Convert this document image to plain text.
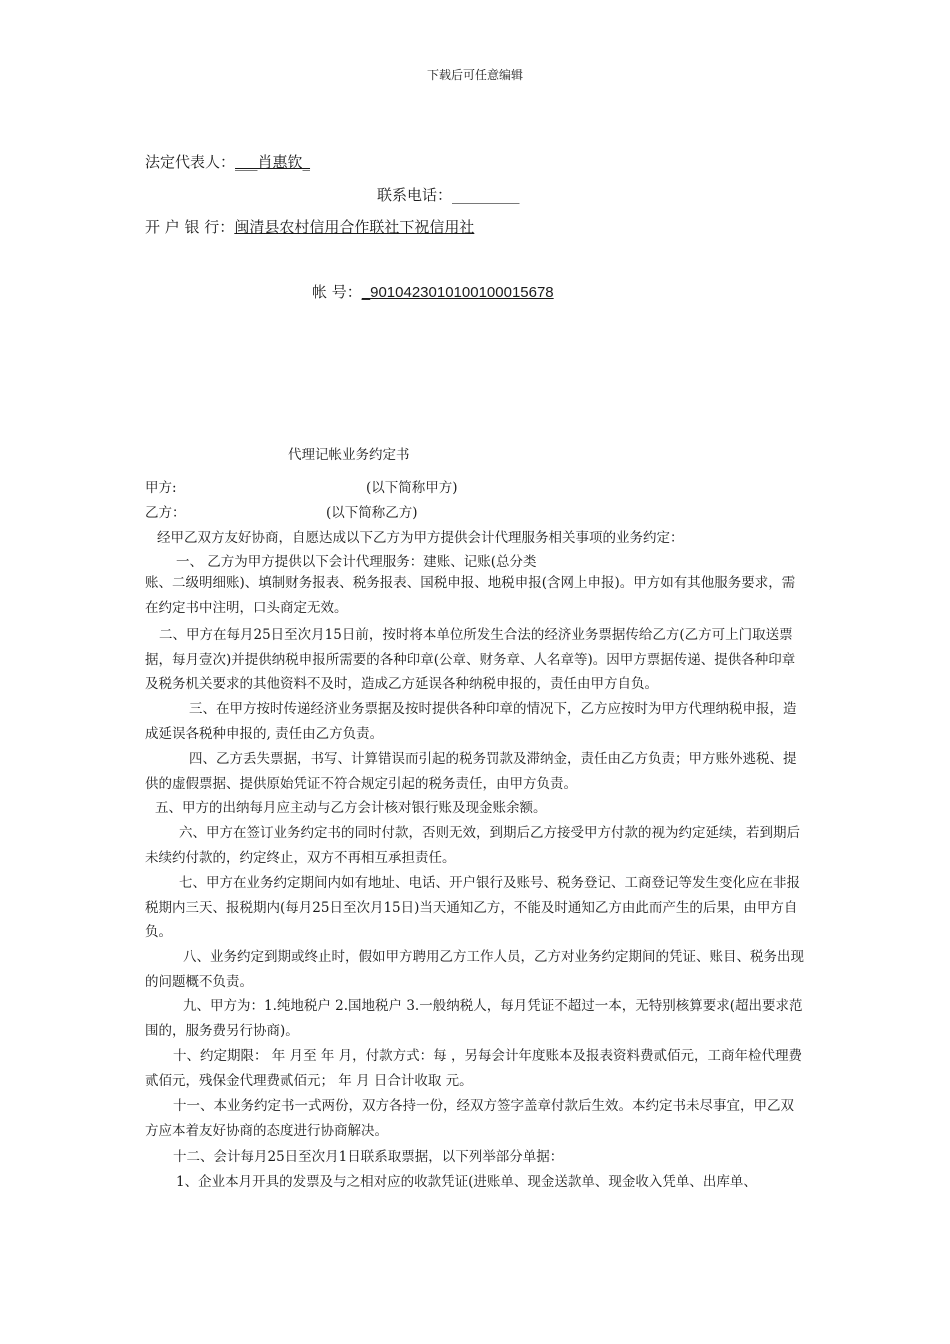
下载后可任意编辑
法定代表人：___肖惠钦_
联系电话：_________
开 户 银 行：闽清县农村信用合作联社下祝信用社
帐 号：_9010423010100100015678
代理记帐业务约定书
甲方:	(以下简称甲方)
乙方：	(以下简称乙方)
经甲乙双方友好协商，自愿达成以下乙方为甲方提供会计代理服务相关事项的业务约定：
一、 乙方为甲方提供以下会计代理服务：建账、记账(总分类
账、二级明细账)、填制财务报表、税务报表、国税申报、地税申报(含网上申报)。甲方如有其他服务要求，需在约定书中注明，口头商定无效。
二、甲方在每月25日至次月15日前，按时将本单位所发生合法的经济业务票据传给乙方(乙方可上门取送票据，每月壹次)并提供纳税申报所需要的各种印章(公章、财务章、人名章等)。因甲方票据传递、提供各种印章及税务机关要求的其他资料不及时，造成乙方延误各种纳税申报的，责任由甲方自负。
三、在甲方按时传递经济业务票据及按时提供各种印章的情况下，乙方应按时为甲方代理纳税申报，造成延误各税种申报的, 责任由乙方负责。
四、乙方丢失票据，书写、计算错误而引起的税务罚款及滞纳金，责任由乙方负责；甲方账外逃税、提供的虚假票据、提供原始凭证不符合规定引起的税务责任，由甲方负责。
五、甲方的出纳每月应主动与乙方会计核对银行账及现金账余额。
六、甲方在签订业务约定书的同时付款，否则无效，到期后乙方接受甲方付款的视为约定延续，若到期后未续约付款的，约定终止，双方不再相互承担责任。
七、甲方在业务约定期间内如有地址、电话、开户银行及账号、税务登记、工商登记等发生变化应在非报税期内三天、报税期内(每月25日至次月15日)当天通知乙方，不能及时通知乙方由此而产生的后果，由甲方自负。
八、业务约定到期或终止时，假如甲方聘用乙方工作人员，乙方对业务约定期间的凭证、账目、税务出现的问题概不负责。
九、甲方为：1.纯地税户 2.国地税户 3.一般纳税人，每月凭证不超过一本，无特别核算要求(超出要求范围的，服务费另行协商)。
十、约定期限： 年 月至 年 月，付款方式：每 ，另每会计年度账本及报表资料费贰佰元，工商年检代理费贰佰元，残保金代理费贰佰元； 年 月 日合计收取 元。
十一、本业务约定书一式两份，双方各持一份，经双方签字盖章付款后生效。本约定书未尽事宜，甲乙双方应本着友好协商的态度进行协商解决。
十二、会计每月25日至次月1日联系取票据，以下列举部分单据：
1、企业本月开具的发票及与之相对应的收款凭证(进账单、现金送款单、现金收入凭单、出库单、
